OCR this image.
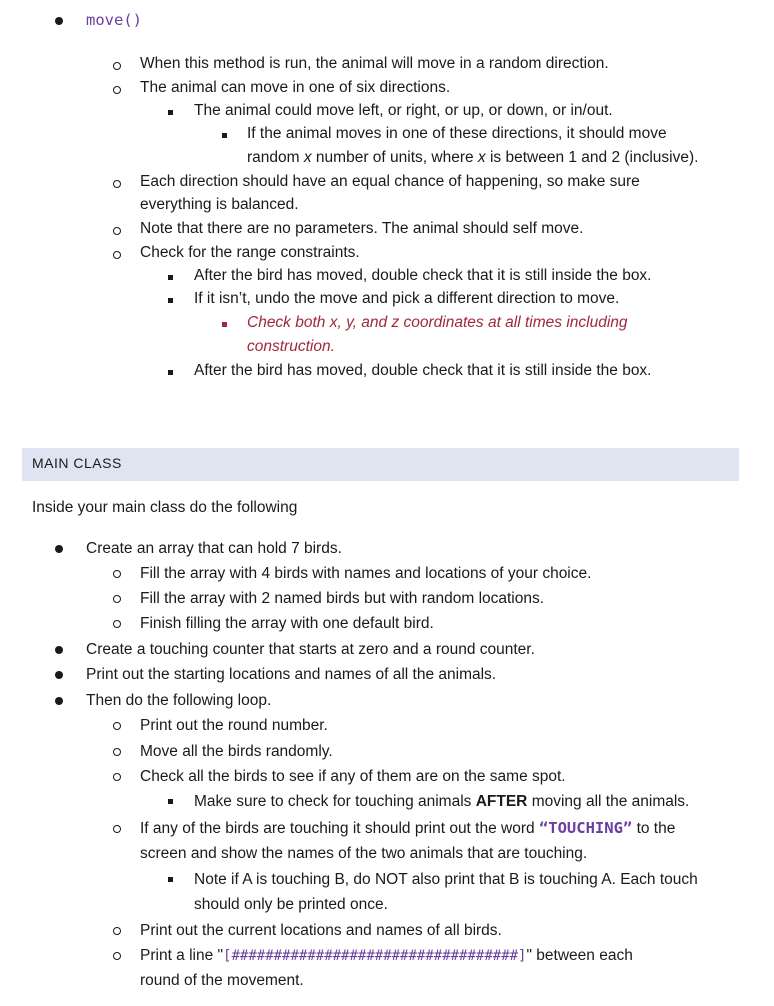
move()
When this method is run, the animal will move in a random direction.
The animal can move in one of six directions.
The animal could move left, or right, or up, or down, or in/out.
If the animal moves in one of these directions, it should move
random x number of units, where x is between 1 and 2 (inclusive).
Each direction should have an equal chance of happening, so make sure
everything is balanced.
Note that there are no parameters. The animal should self move.
Check for the range constraints.
After the bird has moved, double check that it is still inside the box.
If it isn’t, undo the move and pick a different direction to move.
Check both x, y, and z coordinates at all times including
construction.
After the bird has moved, double check that it is still inside the box.
MAIN CLASS
Inside your main class do the following
Create an array that can hold 7 birds.
Fill the array with 4 birds with names and locations of your choice.
Fill the array with 2 named birds but with random locations.
Finish filling the array with one default bird.
Create a touching counter that starts at zero and a round counter.
Print out the starting locations and names of all the animals.
Then do the following loop.
Print out the round number.
Move all the birds randomly.
Check all the birds to see if any of them are on the same spot.
Make sure to check for touching animals AFTER moving all the animals.
If any of the birds are touching it should print out the word “TOUCHING” to the
screen and show the names of the two animals that are touching.
Note if A is touching B, do NOT also print that B is touching A. Each touch
should only be printed once.
Print out the current locations and names of all birds.
Print a line "[##################################]" between each
round of the movement.
